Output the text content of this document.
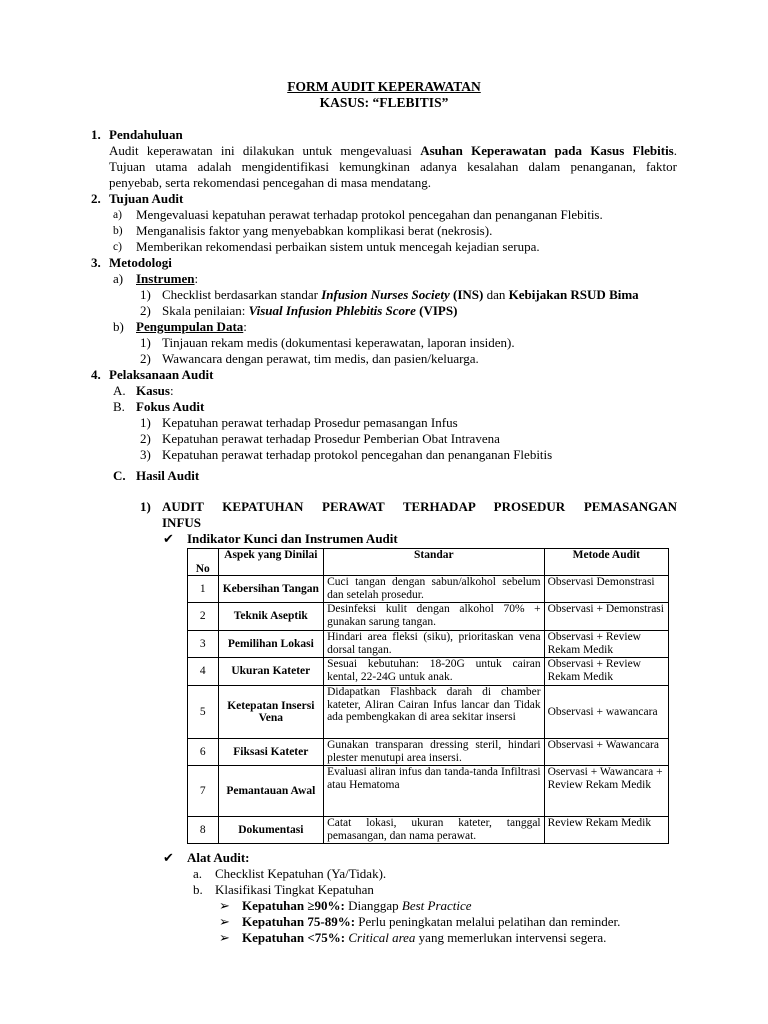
FORM AUDIT KEPERAWATAN
KASUS: “FLEBITIS”
1. Pendahuluan
Audit keperawatan ini dilakukan untuk mengevaluasi Asuhan Keperawatan pada Kasus Flebitis.
Tujuan utama adalah mengidentifikasi kemungkinan adanya kesalahan dalam penanganan, faktor
penyebab, serta rekomendasi pencegahan di masa mendatang.
2. Tujuan Audit
a) Mengevaluasi kepatuhan perawat terhadap protokol pencegahan dan penanganan Flebitis.
b) Menganalisis faktor yang menyebabkan komplikasi berat (nekrosis).
c) Memberikan rekomendasi perbaikan sistem untuk mencegah kejadian serupa.
3. Metodologi
a) Instrumen:
1) Checklist berdasarkan standar Infusion Nurses Society (INS) dan Kebijakan RSUD Bima
2) Skala penilaian: Visual Infusion Phlebitis Score (VIPS)
b) Pengumpulan Data:
1) Tinjauan rekam medis (dokumentasi keperawatan, laporan insiden).
2) Wawancara dengan perawat, tim medis, dan pasien/keluarga.
4. Pelaksanaan Audit
A. Kasus:
B. Fokus Audit
1) Kepatuhan perawat terhadap Prosedur pemasangan Infus
2) Kepatuhan perawat terhadap Prosedur Pemberian Obat Intravena
3) Kepatuhan perawat terhadap protokol pencegahan dan penanganan Flebitis
C. Hasil Audit
1) AUDIT KEPATUHAN PERAWAT TERHADAP PROSEDUR PEMASANGAN
INFUS
✔ Indikator Kunci dan Instrumen Audit
No	Aspek yang Dinilai	Standar	Metode Audit
1	Kebersihan Tangan	Cuci tangan dengan sabun/alkohol sebelum dan setelah prosedur.	Observasi Demonstrasi
2	Teknik Aseptik	Desinfeksi kulit dengan alkohol 70% + gunakan sarung tangan.	Observasi + Demonstrasi
3	Pemilihan Lokasi	Hindari area fleksi (siku), prioritaskan vena dorsal tangan.	Observasi + Review Rekam Medik
4	Ukuran Kateter	Sesuai kebutuhan: 18-20G untuk cairan kental, 22-24G untuk anak.	Observasi + Review Rekam Medik
5	Ketepatan Insersi Vena	Didapatkan Flashback darah di chamber kateter, Aliran Cairan Infus lancar dan Tidak ada pembengkakan di area sekitar insersi	Observasi + wawancara
6	Fiksasi Kateter	Gunakan transparan dressing steril, hindari plester menutupi area insersi.	Observasi + Wawancara
7	Pemantauan Awal	Evaluasi aliran infus dan tanda-tanda Infiltrasi atau Hematoma	Oservasi + Wawancara + Review Rekam Medik
8	Dokumentasi	Catat lokasi, ukuran kateter, tanggal pemasangan, dan nama perawat.	Review Rekam Medik
✔ Alat Audit:
a. Checklist Kepatuhan (Ya/Tidak).
b. Klasifikasi Tingkat Kepatuhan
➢ Kepatuhan ≥90%: Dianggap Best Practice
➢ Kepatuhan 75-89%: Perlu peningkatan melalui pelatihan dan reminder.
➢ Kepatuhan <75%: Critical area yang memerlukan intervensi segera.
